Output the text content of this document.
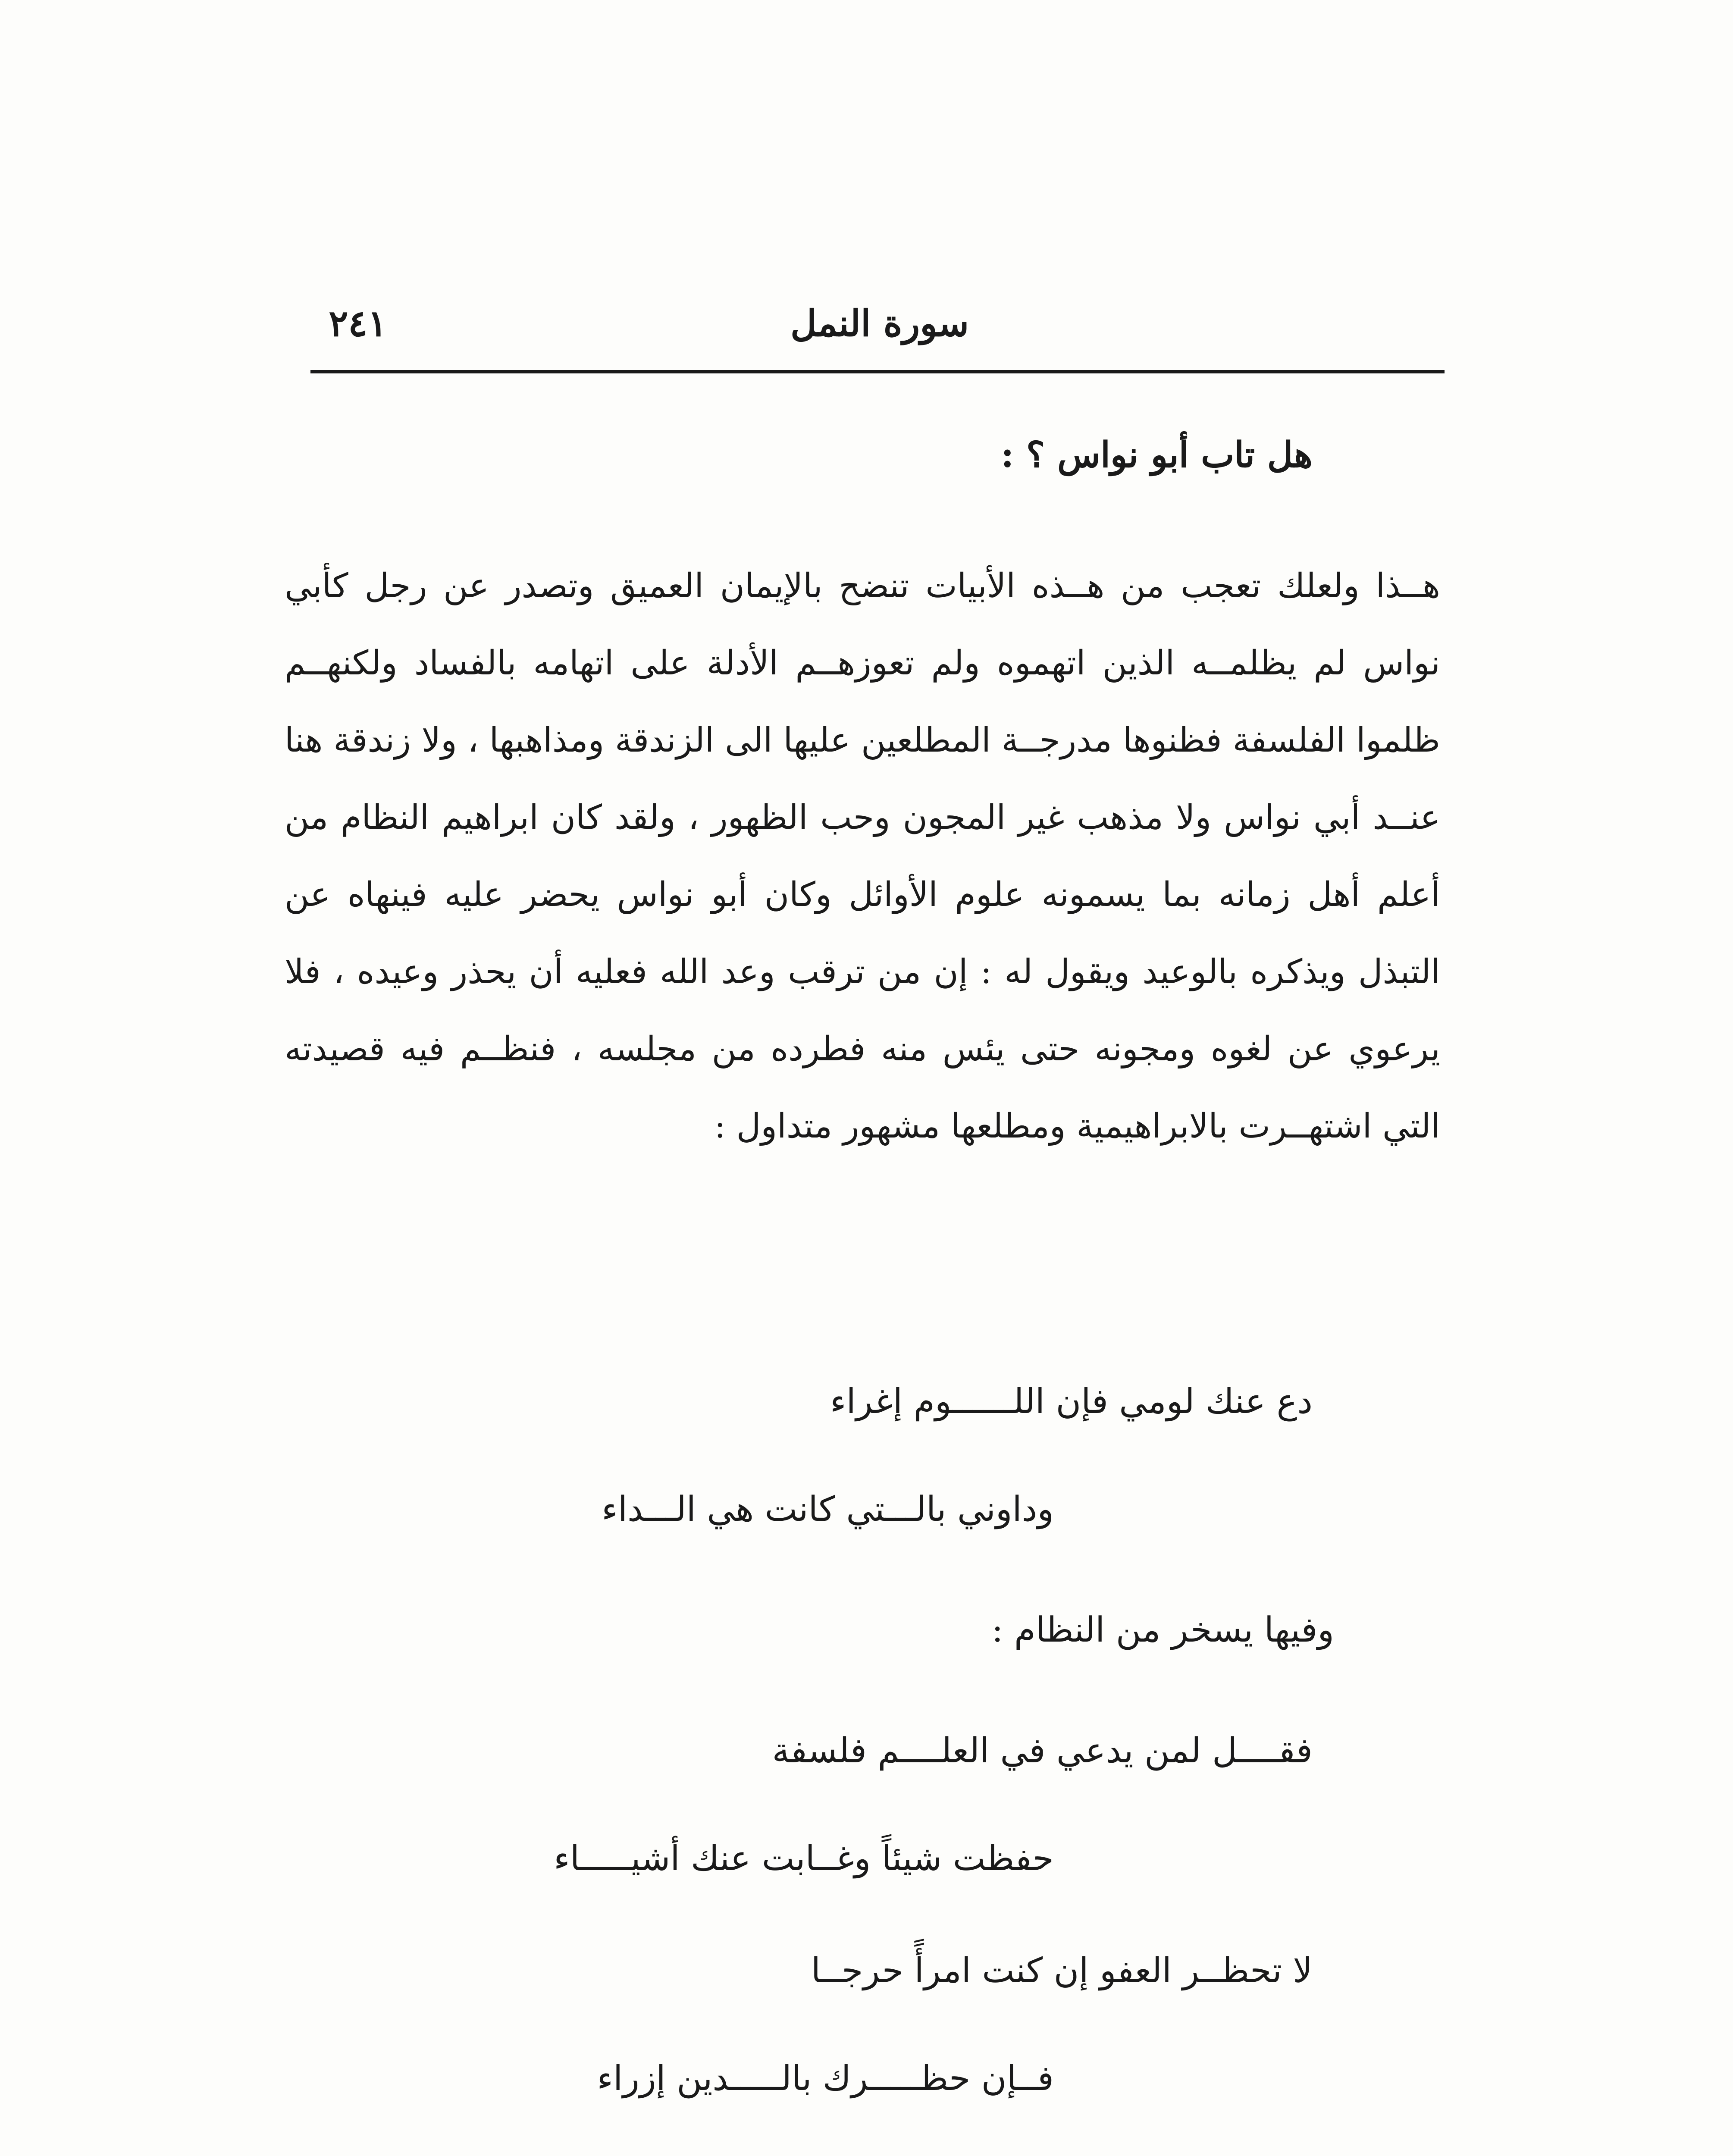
سورة النمل
٢٤١
هل تاب أبو نواس ؟ :
هــذا ولعلك تعجب من هــذه الأبيات تنضح بالإيمان العميق وتصدر عن رجل كأبي نواس لم يظلمــه الذين اتهموه ولم تعوزهــم الأدلة على اتهامه بالفساد ولكنهــم ظلموا الفلسفة فظنوها مدرجــة المطلعين عليها الى الزندقة ومذاهبها ، ولا زندقة هنا عنــد أبي نواس ولا مذهب غير المجون وحب الظهور ، ولقد كان ابراهيم النظام من أعلم أهل زمانه بما يسمونه علوم الأوائل وكان أبو نواس يحضر عليه فينهاه عن التبذل ويذكره بالوعيد ويقول له : إن من ترقب وعد الله فعليه أن يحذر وعيده ، فلا يرعوي عن لغوه ومجونه حتى يئس منه فطرده من مجلسه ، فنظــم فيه قصيدته التي اشتهــرت بالابراهيمية ومطلعها مشهور متداول :
دع عنك لومي فإن اللــــــوم إغراء
وداوني بالـــتي كانت هي الـــداء
وفيها يسخر من النظام :
فقــــل لمن يدعي في العلــــم فلسفة
حفظت شيئاً وغــابت عنك أشيـــــاء
لا تحظــر العفو إن كنت امرأً حرجــا
فــإن حظـــــرك بالـــــدين إزراء
